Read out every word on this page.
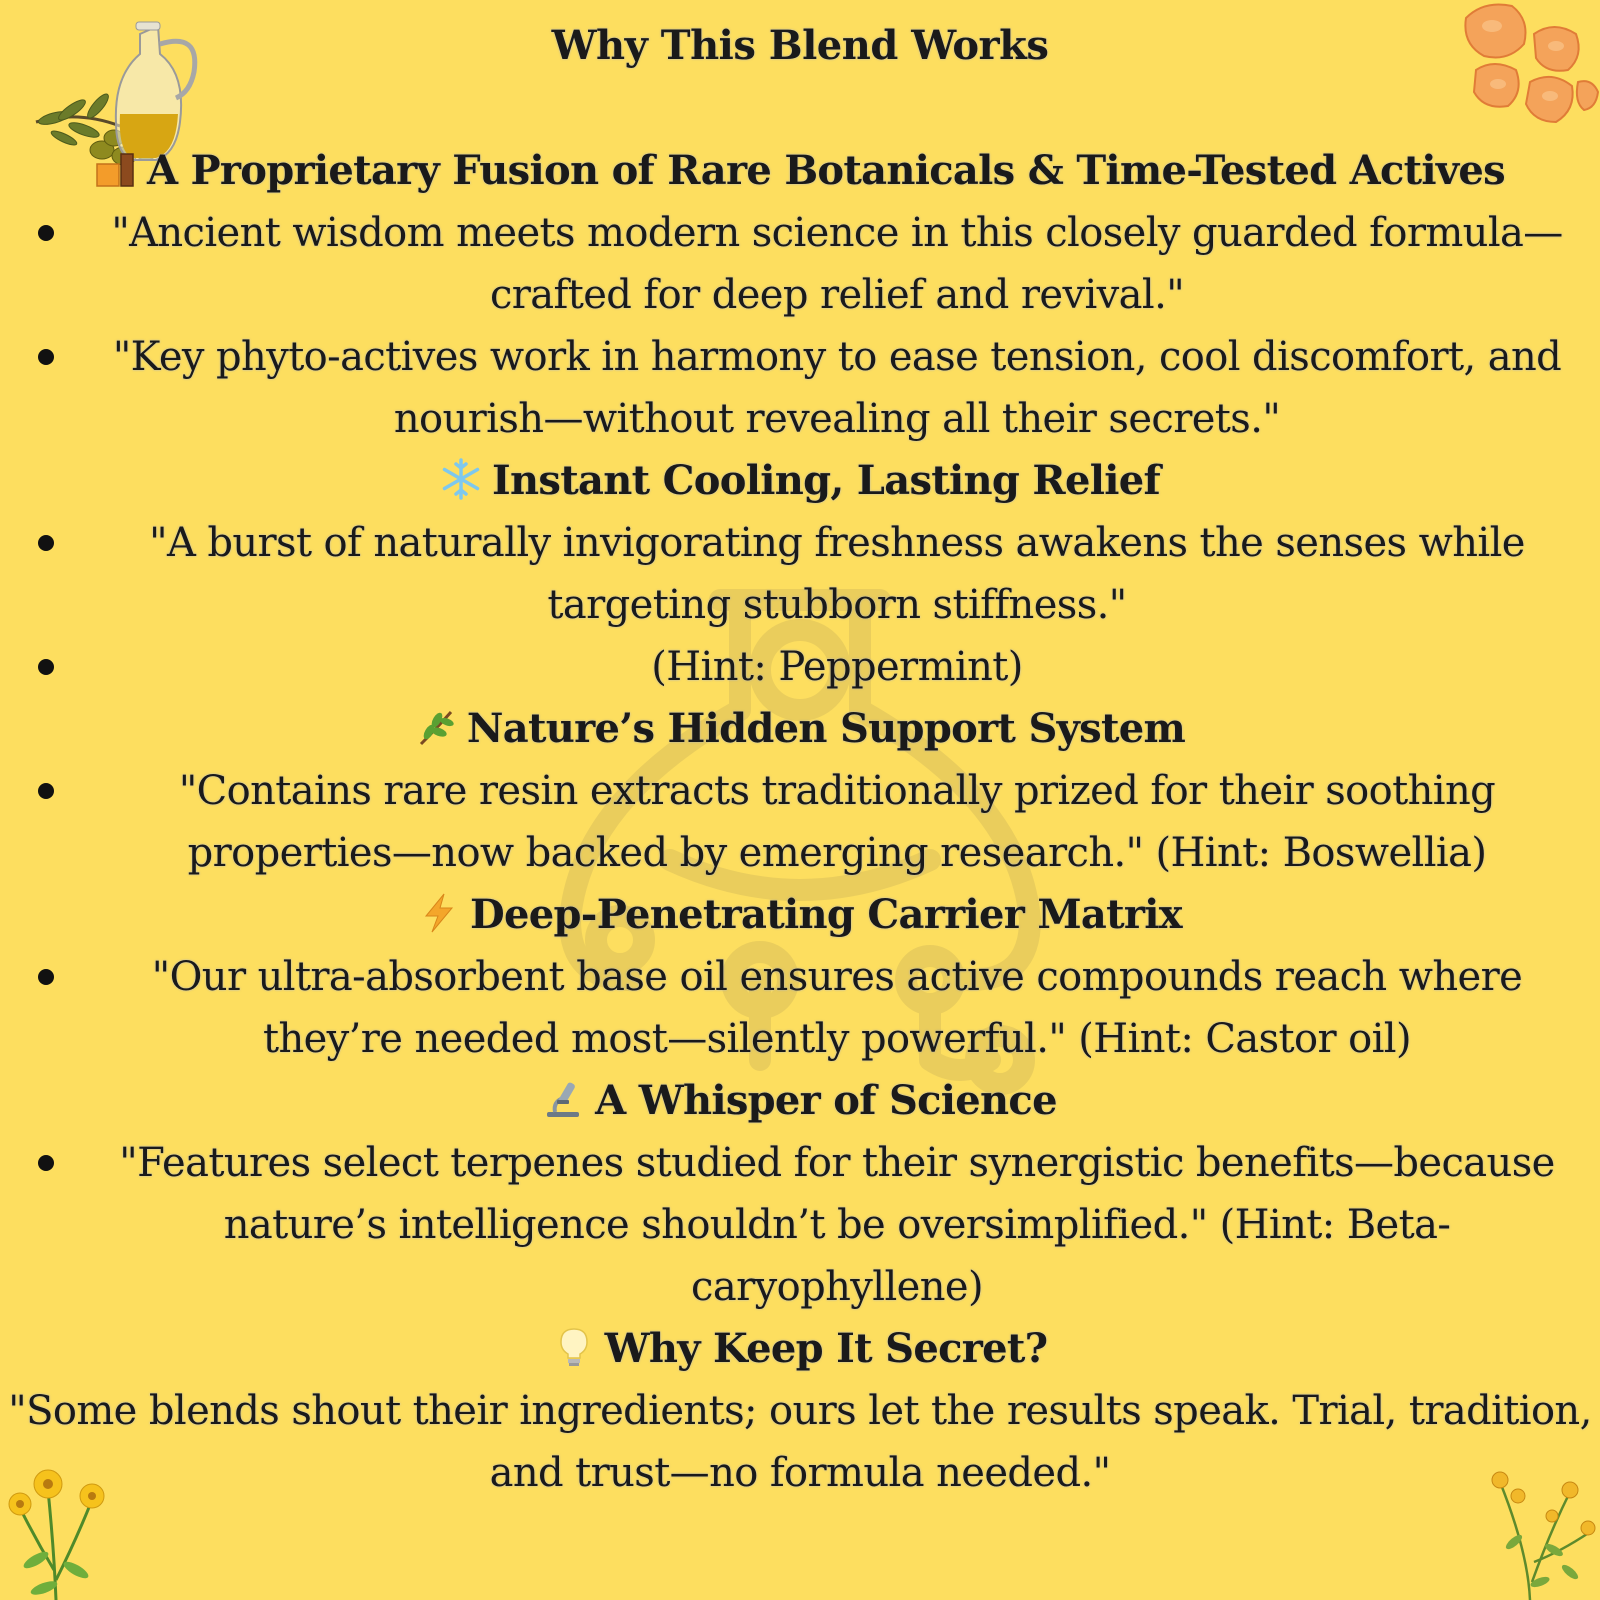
Why This Blend Works
A Proprietary Fusion of Rare Botanicals & Time-Tested Actives
"Ancient wisdom meets modern science in this closely guarded formula—crafted for deep relief and revival."
"Key phyto-actives work in harmony to ease tension, cool discomfort, and nourish—without revealing all their secrets."
Instant Cooling, Lasting Relief
"A burst of naturally invigorating freshness awakens the senses while targeting stubborn stiffness."
(Hint: Peppermint)
Nature’s Hidden Support System
"Contains rare resin extracts traditionally prized for their soothing properties—now backed by emerging research." (Hint: Boswellia)
Deep-Penetrating Carrier Matrix
"Our ultra-absorbent base oil ensures active compounds reach where they’re needed most—silently powerful." (Hint: Castor oil)
A Whisper of Science
"Features select terpenes studied for their synergistic benefits—because nature’s intelligence shouldn’t be oversimplified." (Hint: Beta-caryophyllene)
Why Keep It Secret?
"Some blends shout their ingredients; ours let the results speak. Trial, tradition, and trust—no formula needed."
